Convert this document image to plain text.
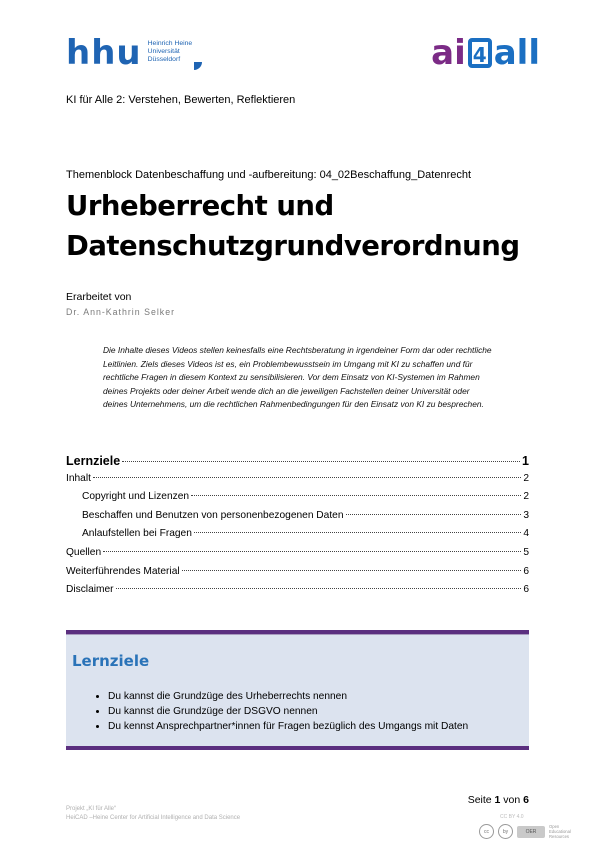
hhu Heinrich Heine
Universität
Düsseldorf	ai 4 all
KI für Alle 2: Verstehen, Bewerten, Reflektieren
Themenblock Datenbeschaffung und -aufbereitung: 04_02Beschaffung_Datenrecht
Urheberrecht und
Datenschutzgrundverordnung
Erarbeitet von
Dr. Ann-Kathrin Selker

Die Inhalte dieses Videos stellen keinesfalls eine Rechtsberatung in irgendeiner Form dar oder rechtliche Leitlinien. Ziels dieses Videos ist es, ein Problembewusstsein im Umgang mit KI zu schaffen und für rechtliche Fragen in diesem Kontext zu sensibilisieren. Vor dem Einsatz von KI-Systemen im Rahmen deines Projekts oder deiner Arbeit wende dich an die jeweiligen Fachstellen deiner Universität oder deines Unternehmens, um die rechtlichen Rahmenbedingungen für den Einsatz von KI zu besprechen.

Lernziele	1
Inhalt	2
Copyright und Lizenzen	2
Beschaffen und Benutzen von personenbezogenen Daten	3
Anlaufstellen bei Fragen	4
Quellen	5
Weiterführendes Material	6
Disclaimer	6
Lernziele
• Du kannst die Grundzüge des Urheberrechts nennen
• Du kannst die Grundzüge der DSGVO nennen
• Du kennst Ansprechpartner*innen für Fragen bezüglich des Umgangs mit Daten
Projekt „KI für Alle“
HeiCAD –Heine Center for Artificial Intelligence and Data Science
Seite 1 von 6
CC BY 4.0
cc	by	OER
Open
Educational
Resources
